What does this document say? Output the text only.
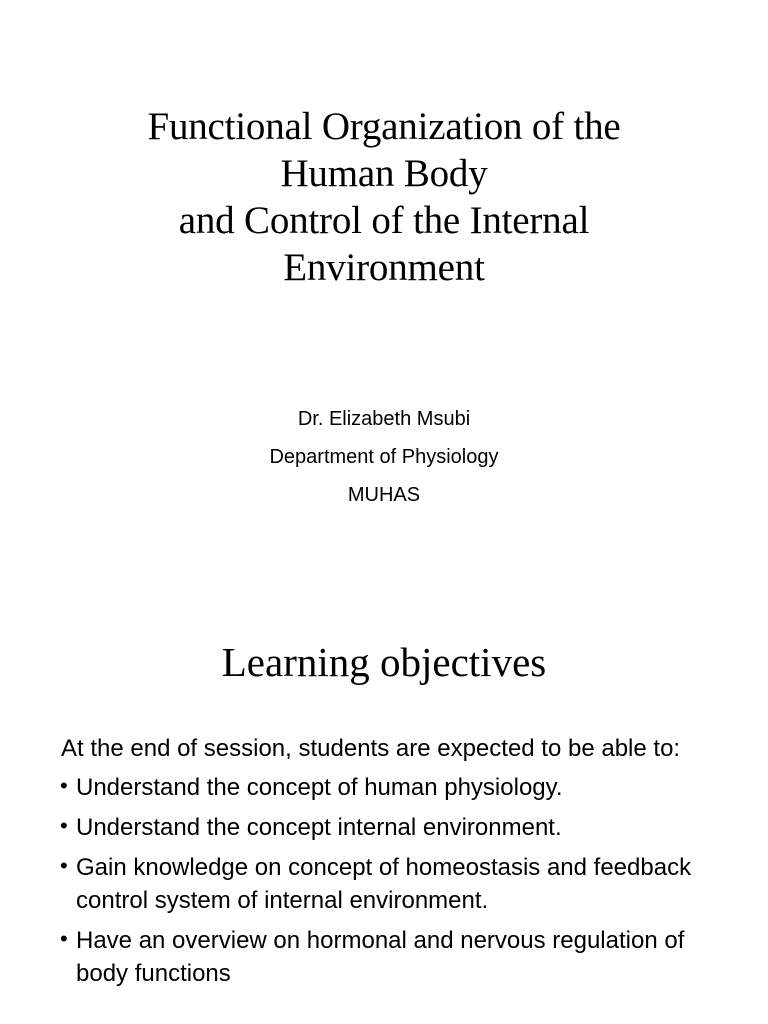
Functional Organization of the
Human Body
and Control of the Internal
Environment
Dr. Elizabeth Msubi
Department of Physiology
MUHAS
Learning objectives
At the end of session, students are expected to be able to:
• Understand the concept of human physiology.
• Understand the concept internal environment.
• Gain knowledge on concept of homeostasis and feedback control system of internal environment.
• Have an overview on hormonal and nervous regulation of body functions
